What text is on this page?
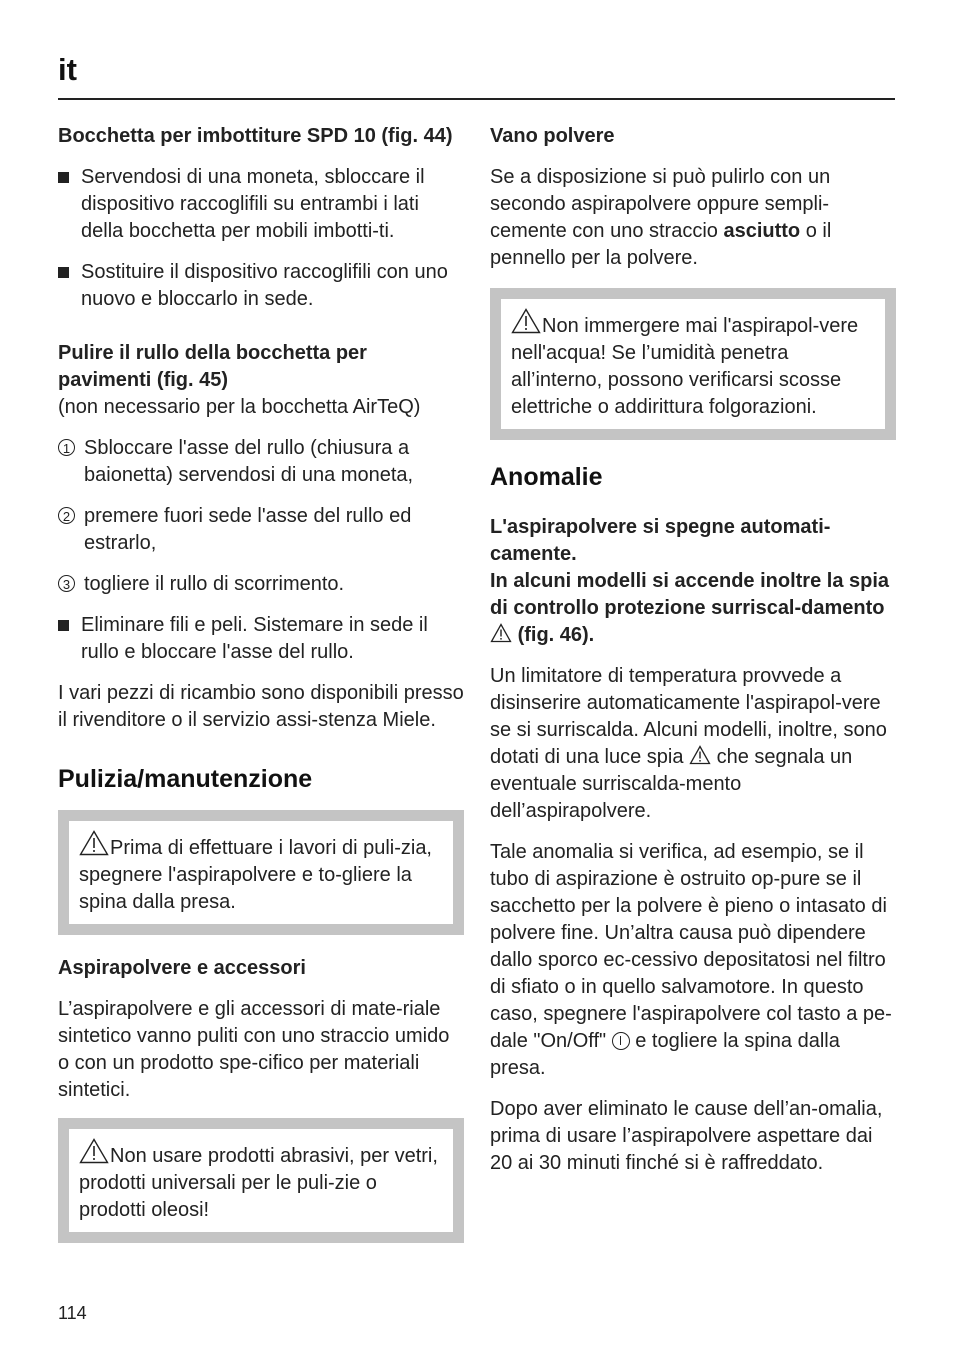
it
Bocchetta per imbottiture SPD 10 (fig. 44)
Servendosi di una moneta, sbloccare il dispositivo raccoglifili su entrambi i lati della bocchetta per mobili imbotti-ti.
Sostituire il dispositivo raccoglifili con uno nuovo e bloccarlo in sede.
Pulire il rullo della bocchetta per pavimenti (fig. 45)
(non necessario per la bocchetta AirTeQ)
1 Sbloccare l'asse del rullo (chiusura a baionetta) servendosi di una moneta,
2 premere fuori sede l'asse del rullo ed estrarlo,
3 togliere il rullo di scorrimento.
Eliminare fili e peli. Sistemare in sede il rullo e bloccare l'asse del rullo.
I vari pezzi di ricambio sono disponibili presso il rivenditore o il servizio assi-stenza Miele.
Pulizia/manutenzione
Prima di effettuare i lavori di puli-zia, spegnere l'aspirapolvere e to-gliere la spina dalla presa.
Aspirapolvere e accessori
L’aspirapolvere e gli accessori di mate-riale sintetico vanno puliti con uno straccio umido o con un prodotto spe-cifico per materiali sintetici.
Non usare prodotti abrasivi, per vetri, prodotti universali per le puli-zie o prodotti oleosi!
Vano polvere
Se a disposizione si può pulirlo con un secondo aspirapolvere oppure sempli-cemente con uno straccio asciutto o il pennello per la polvere.
Non immergere mai l'aspirapol-vere nell'acqua! Se l’umidità penetra all’interno, possono verificarsi scosse elettriche o addirittura folgorazioni.
Anomalie
L'aspirapolvere si spegne automati-camente.
In alcuni modelli si accende inoltre la spia di controllo protezione surriscal-damento  (fig. 46).
Un limitatore di temperatura provvede a disinserire automaticamente l'aspirapol-vere se si surriscalda. Alcuni modelli, inoltre, sono dotati di una luce spia che segnala un eventuale surriscalda-mento dell’aspirapolvere.
Tale anomalia si verifica, ad esempio, se il tubo di aspirazione è ostruito op-pure se il sacchetto per la polvere è pieno o intasato di polvere fine. Un’altra causa può dipendere dallo sporco ec-cessivo depositatosi nel filtro di sfiato o in quello salvamotore. In questo caso, spegnere l'aspirapolvere col tasto a pe-dale "On/Off" e togliere la spina dalla presa.
Dopo aver eliminato le cause dell’an-omalia, prima di usare l’aspirapolvere aspettare dai 20 ai 30 minuti finché si è raffreddato.
114
